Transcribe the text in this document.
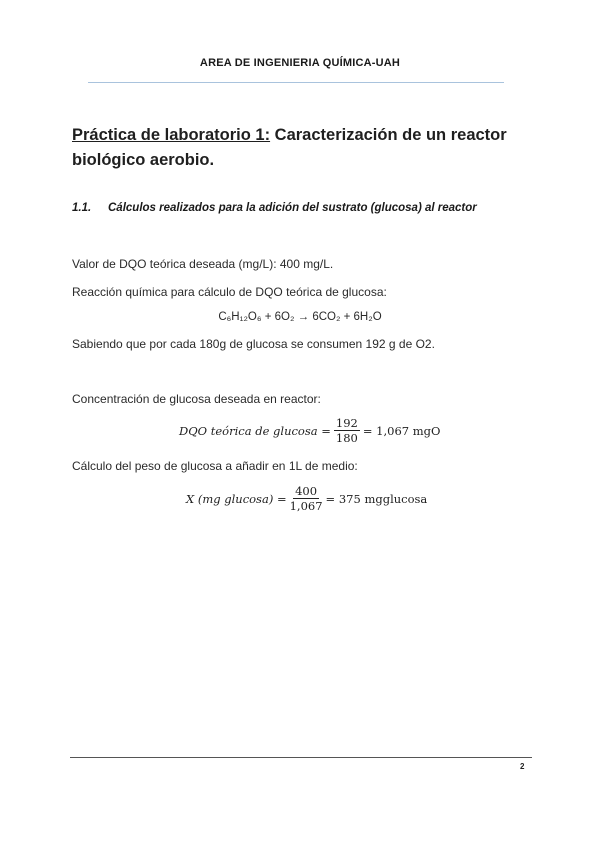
AREA DE INGENIERIA QUÍMICA-UAH
Práctica de laboratorio 1: Caracterización de un reactor biológico aerobio.
1.1. Cálculos realizados para la adición del sustrato (glucosa) al reactor
Valor de DQO teórica deseada (mg/L): 400 mg/L.
Reacción química para cálculo de DQO teórica de glucosa:
C₆H₁₂O₆ + 6O₂ → 6CO₂ + 6H₂O
Sabiendo que por cada 180g de glucosa se consumen 192 g de O2.
Concentración de glucosa deseada en reactor:
DQO teórica de $glucosa = \frac{192}{180} = 1,067$ mgO
Cálculo del peso de glucosa a añadir en 1L de medio:
X (mg $glucosa) = \frac{400}{1,067} = 375$ mgglucosa
2
